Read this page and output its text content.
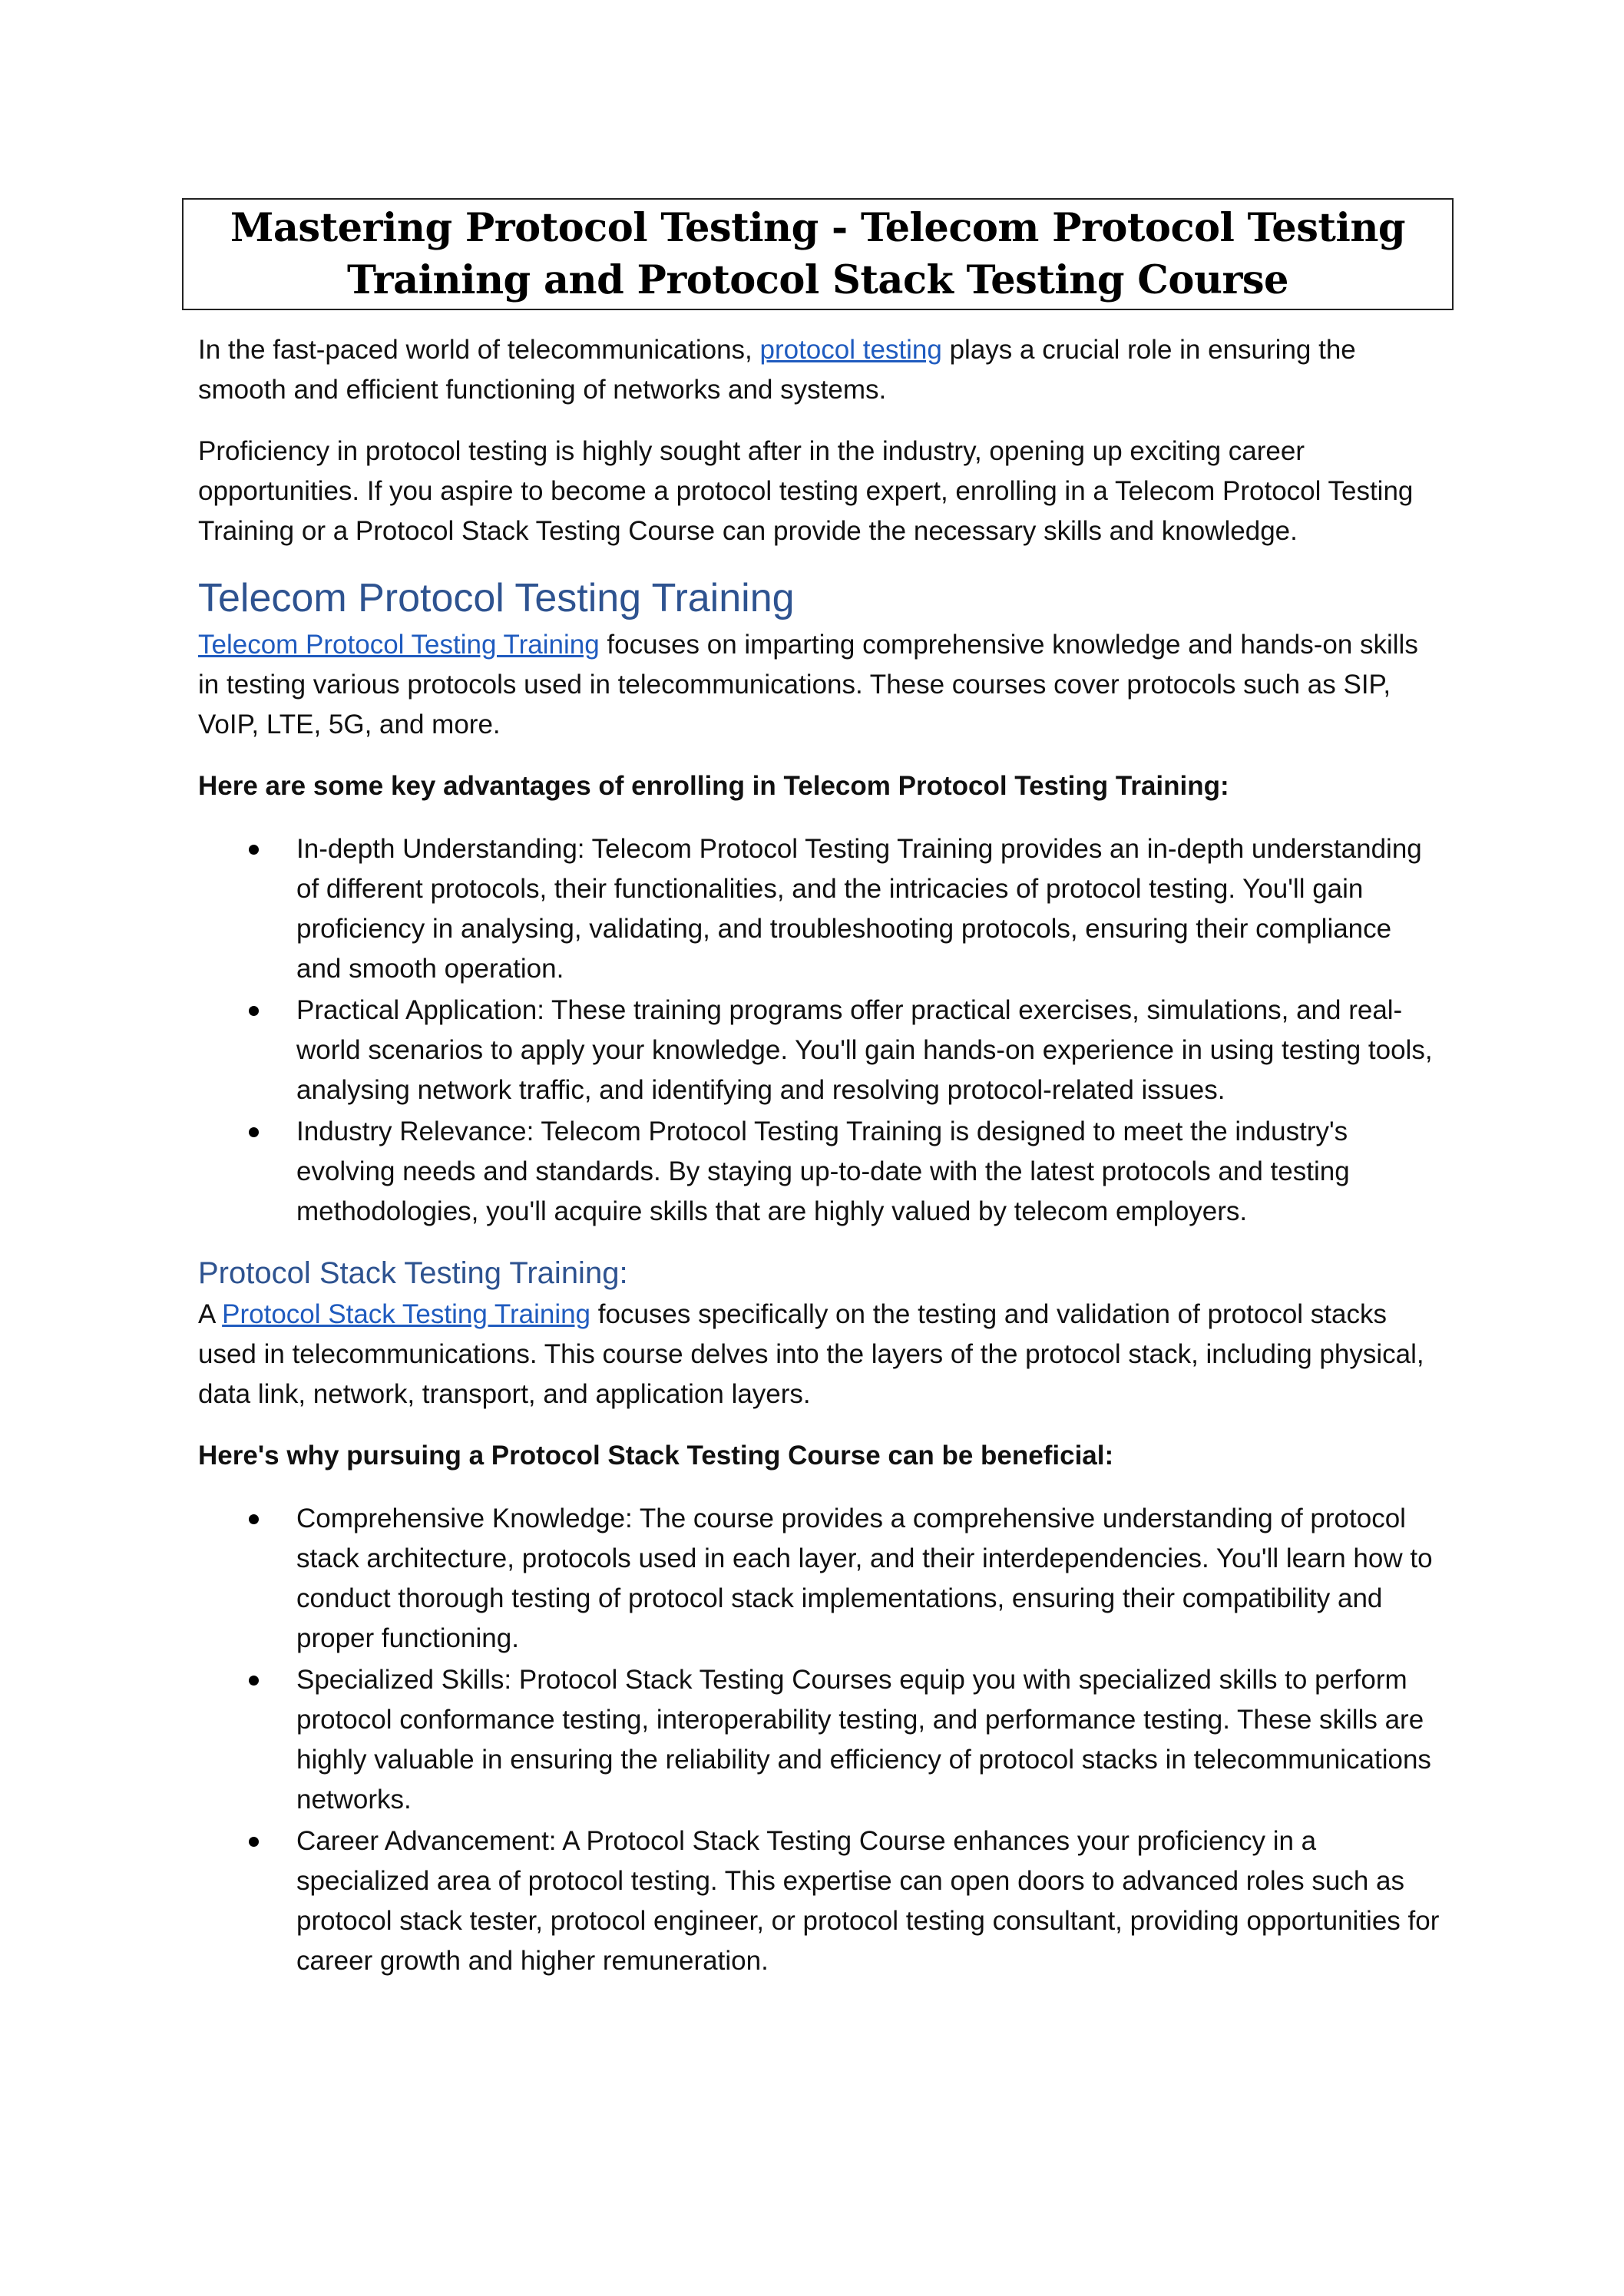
Mastering Protocol Testing - Telecom Protocol Testing Training and Protocol Stack Testing Course

In the fast-paced world of telecommunications, protocol testing plays a crucial role in ensuring the smooth and efficient functioning of networks and systems.

Proficiency in protocol testing is highly sought after in the industry, opening up exciting career opportunities. If you aspire to become a protocol testing expert, enrolling in a Telecom Protocol Testing Training or a Protocol Stack Testing Course can provide the necessary skills and knowledge.

Telecom Protocol Testing Training

Telecom Protocol Testing Training focuses on imparting comprehensive knowledge and hands-on skills in testing various protocols used in telecommunications. These courses cover protocols such as SIP, VoIP, LTE, 5G, and more.

Here are some key advantages of enrolling in Telecom Protocol Testing Training:

In-depth Understanding: Telecom Protocol Testing Training provides an in-depth understanding of different protocols, their functionalities, and the intricacies of protocol testing. You'll gain proficiency in analysing, validating, and troubleshooting protocols, ensuring their compliance and smooth operation.
Practical Application: These training programs offer practical exercises, simulations, and real-world scenarios to apply your knowledge. You'll gain hands-on experience in using testing tools, analysing network traffic, and identifying and resolving protocol-related issues.
Industry Relevance: Telecom Protocol Testing Training is designed to meet the industry's evolving needs and standards. By staying up-to-date with the latest protocols and testing methodologies, you'll acquire skills that are highly valued by telecom employers.
Protocol Stack Testing Training:

A Protocol Stack Testing Training focuses specifically on the testing and validation of protocol stacks used in telecommunications. This course delves into the layers of the protocol stack, including physical, data link, network, transport, and application layers.

Here's why pursuing a Protocol Stack Testing Course can be beneficial:

Comprehensive Knowledge: The course provides a comprehensive understanding of protocol stack architecture, protocols used in each layer, and their interdependencies. You'll learn how to conduct thorough testing of protocol stack implementations, ensuring their compatibility and proper functioning.
Specialized Skills: Protocol Stack Testing Courses equip you with specialized skills to perform protocol conformance testing, interoperability testing, and performance testing. These skills are highly valuable in ensuring the reliability and efficiency of protocol stacks in telecommunications networks.
Career Advancement: A Protocol Stack Testing Course enhances your proficiency in a specialized area of protocol testing. This expertise can open doors to advanced roles such as protocol stack tester, protocol engineer, or protocol testing consultant, providing opportunities for career growth and higher remuneration.
